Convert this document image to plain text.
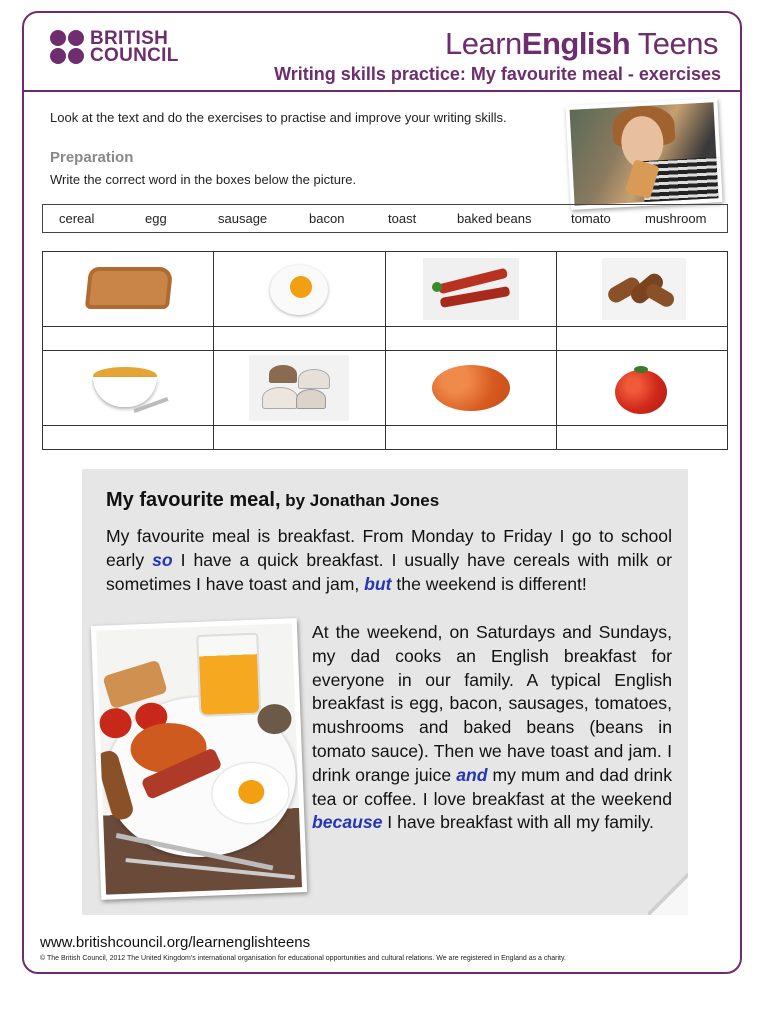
BRITISH
COUNCIL	LearnEnglish Teens
Writing skills practice: My favourite meal - exercises
Look at the text and do the exercises to practise and improve your writing skills.
Preparation
Write the correct word in the boxes below the picture.
cereal	egg	sausage	bacon	toast	baked beans	tomato	mushroom

My favourite meal, by Jonathan Jones
My favourite meal is breakfast. From Monday to Friday I go to school early so I have a quick breakfast. I usually have cereals with milk or sometimes I have toast and jam, but the weekend is different!
At the weekend, on Saturdays and Sundays, my dad cooks an English breakfast for everyone in our family. A typical English breakfast is egg, bacon, sausages, tomatoes, mushrooms and baked beans (beans in tomato sauce). Then we have toast and jam. I drink orange juice and my mum and dad drink tea or coffee. I love breakfast at the weekend because I have breakfast with all my family.
www.britishcouncil.org/learnenglishteens
© The British Council, 2012 The United Kingdom’s international organisation for educational opportunities and cultural relations. We are registered in England as a charity.
